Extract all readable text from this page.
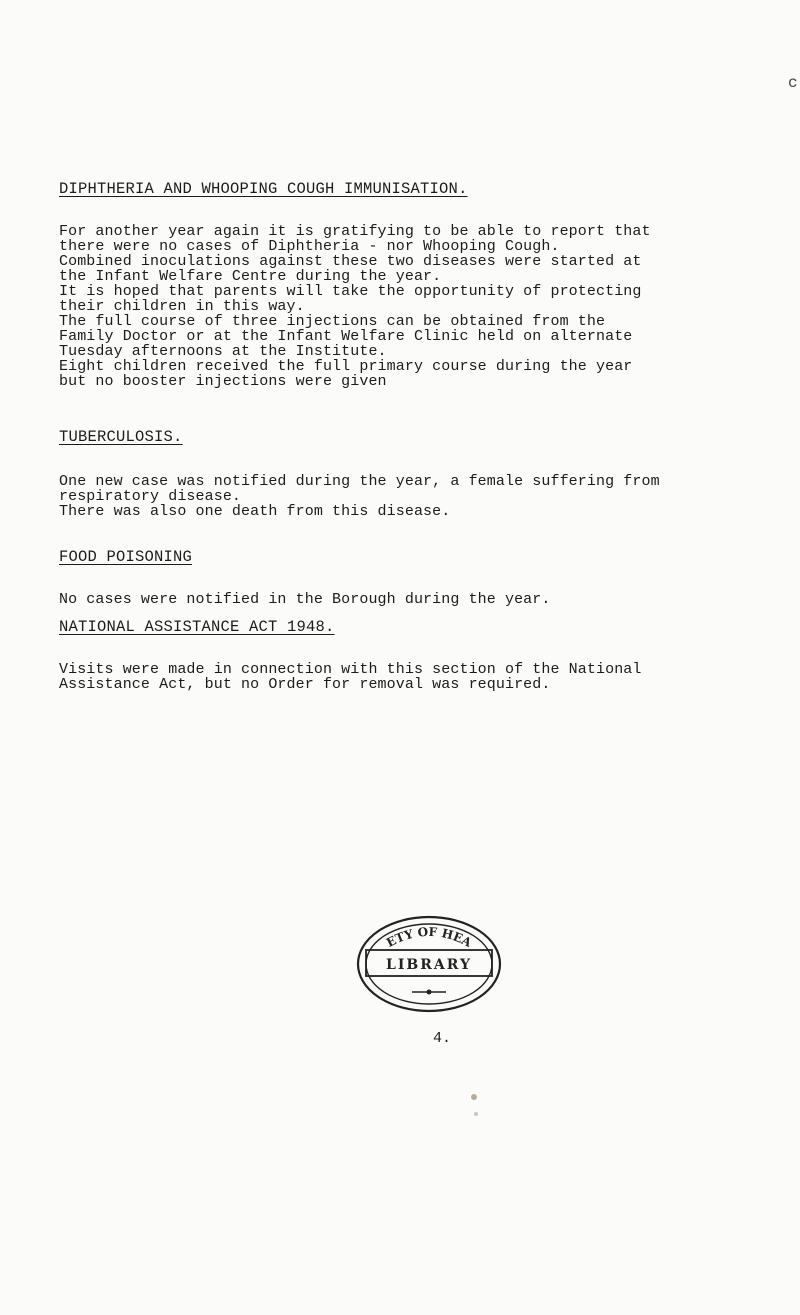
c
DIPHTHERIA AND WHOOPING COUGH IMMUNISATION.

For another year again it is gratifying to be able to report that

there were no cases of Diphtheria - nor Whooping Cough.

Combined inoculations against these two diseases were started at

the Infant Welfare Centre during the year.

It is hoped that parents will take the opportunity of protecting

their children in this way.

The full course of three injections can be obtained from the

Family Doctor or at the Infant Welfare Clinic held on alternate

Tuesday afternoons at the Institute.

Eight children received the full primary course during the year

but no booster injections were given

TUBERCULOSIS.

One new case was notified during the year, a female suffering from

respiratory disease.

There was also one death from this disease.

FOOD POISONING

No cases were notified in the Borough during the year.

NATIONAL ASSISTANCE ACT 1948.

Visits were made in connection with this section of the National

Assistance Act, but no Order for removal was required.

ETY OF HEA
LIBRARY
4.
